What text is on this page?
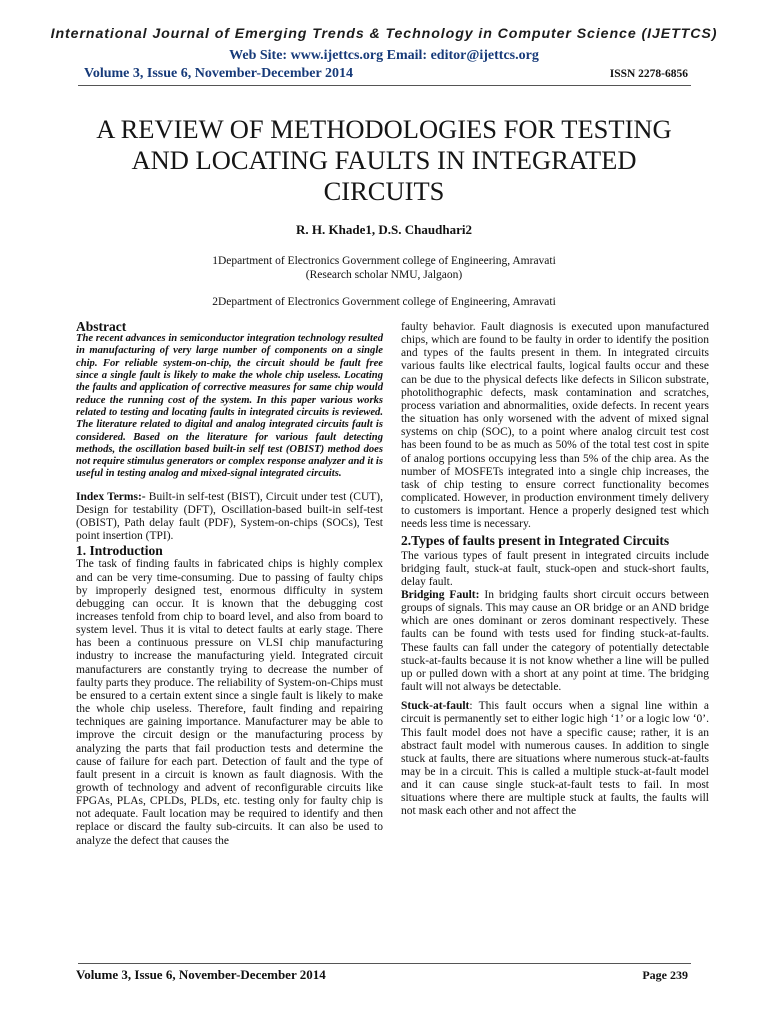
International Journal of Emerging Trends & Technology in Computer Science (IJETTCS)
Web Site: www.ijettcs.org Email: editor@ijettcs.org
Volume 3, Issue 6, November-December 2014	ISSN 2278-6856
A REVIEW OF METHODOLOGIES FOR TESTING AND LOCATING FAULTS IN INTEGRATED CIRCUITS
R. H. Khade1, D.S. Chaudhari2
1Department of Electronics Government college of Engineering, Amravati
(Research scholar NMU, Jalgaon)
2Department of Electronics Government college of Engineering, Amravati

Abstract

The recent advances in semiconductor integration technology resulted in manufacturing of very large number of components on a single chip. For reliable system-on-chip, the circuit should be fault free since a single fault is likely to make the whole chip useless. Locating the faults and application of corrective measures for same chip would reduce the running cost of the system. In this paper various works related to testing and locating faults in integrated circuits is reviewed. The literature related to digital and analog integrated circuits fault is considered. Based on the literature for various fault detecting methods, the oscillation based built-in self test (OBIST) method does not require stimulus generators or complex response analyzer and it is useful in testing analog and mixed-signal integrated circuits.

Index Terms:- Built-in self-test (BIST), Circuit under test (CUT), Design for testability (DFT), Oscillation-based built-in self-test (OBIST), Path delay fault (PDF), System-on-chips (SOCs), Test point insertion (TPI).

1. Introduction

The task of finding faults in fabricated chips is highly complex and can be very time-consuming. Due to passing of faulty chips by improperly designed test, enormous difficulty in system debugging can occur. It is known that the debugging cost increases tenfold from chip to board level, and also from board to system level. Thus it is vital to detect faults at early stage. There has been a continuous pressure on VLSI chip manufacturing industry to increase the manufacturing yield. Integrated circuit manufacturers are constantly trying to decrease the number of faulty parts they produce. The reliability of System-on-Chips must be ensured to a certain extent since a single fault is likely to make the whole chip useless. Therefore, fault finding and repairing techniques are gaining importance. Manufacturer may be able to improve the circuit design or the manufacturing process by analyzing the parts that fail production tests and determine the cause of failure for each part. Detection of fault and the type of fault present in a circuit is known as fault diagnosis. With the growth of technology and advent of reconfigurable circuits like FPGAs, PLAs, CPLDs, PLDs, etc. testing only for faulty chip is not adequate. Fault location may be required to identify and then replace or discard the faulty sub-circuits. It can also be used to analyze the defect that causes the

faulty behavior. Fault diagnosis is executed upon manufactured chips, which are found to be faulty in order to identify the position and types of the faults present in them. In integrated circuits various faults like electrical faults, logical faults occur and these can be due to the physical defects like defects in Silicon substrate, photolithographic defects, mask contamination and scratches, process variation and abnormalities, oxide defects. In recent years the situation has only worsened with the advent of mixed signal systems on chip (SOC), to a point where analog circuit test cost has been found to be as much as 50% of the total test cost in spite of analog portions occupying less than 5% of the chip area. As the number of MOSFETs integrated into a single chip increases, the task of chip testing to ensure correct functionality becomes complicated. However, in production environment timely delivery to customers is important. Hence a properly designed test which needs less time is necessary.

2.Types of faults present in Integrated Circuits

The various types of fault present in integrated circuits include bridging fault, stuck-at fault, stuck-open and stuck-short faults, delay fault.

Bridging Fault: In bridging faults short circuit occurs between groups of signals. This may cause an OR bridge or an AND bridge which are ones dominant or zeros dominant respectively. These faults can be found with tests used for finding stuck-at-faults. These faults can fall under the category of potentially detectable stuck-at-faults because it is not know whether a line will be pulled up or pulled down with a short at any point at time. The bridging fault will not always be detectable.

Stuck-at-fault: This fault occurs when a signal line within a circuit is permanently set to either logic high ‘1’ or a logic low ‘0’. This fault model does not have a specific cause; rather, it is an abstract fault model with numerous causes. In addition to single stuck at faults, there are situations where numerous stuck-at-faults may be in a circuit. This is called a multiple stuck-at-fault model and it can cause single stuck-at-fault tests to fail. In most situations where there are multiple stuck at faults, the faults will not mask each other and not affect the

Volume 3, Issue 6, November-December 2014	Page 239
